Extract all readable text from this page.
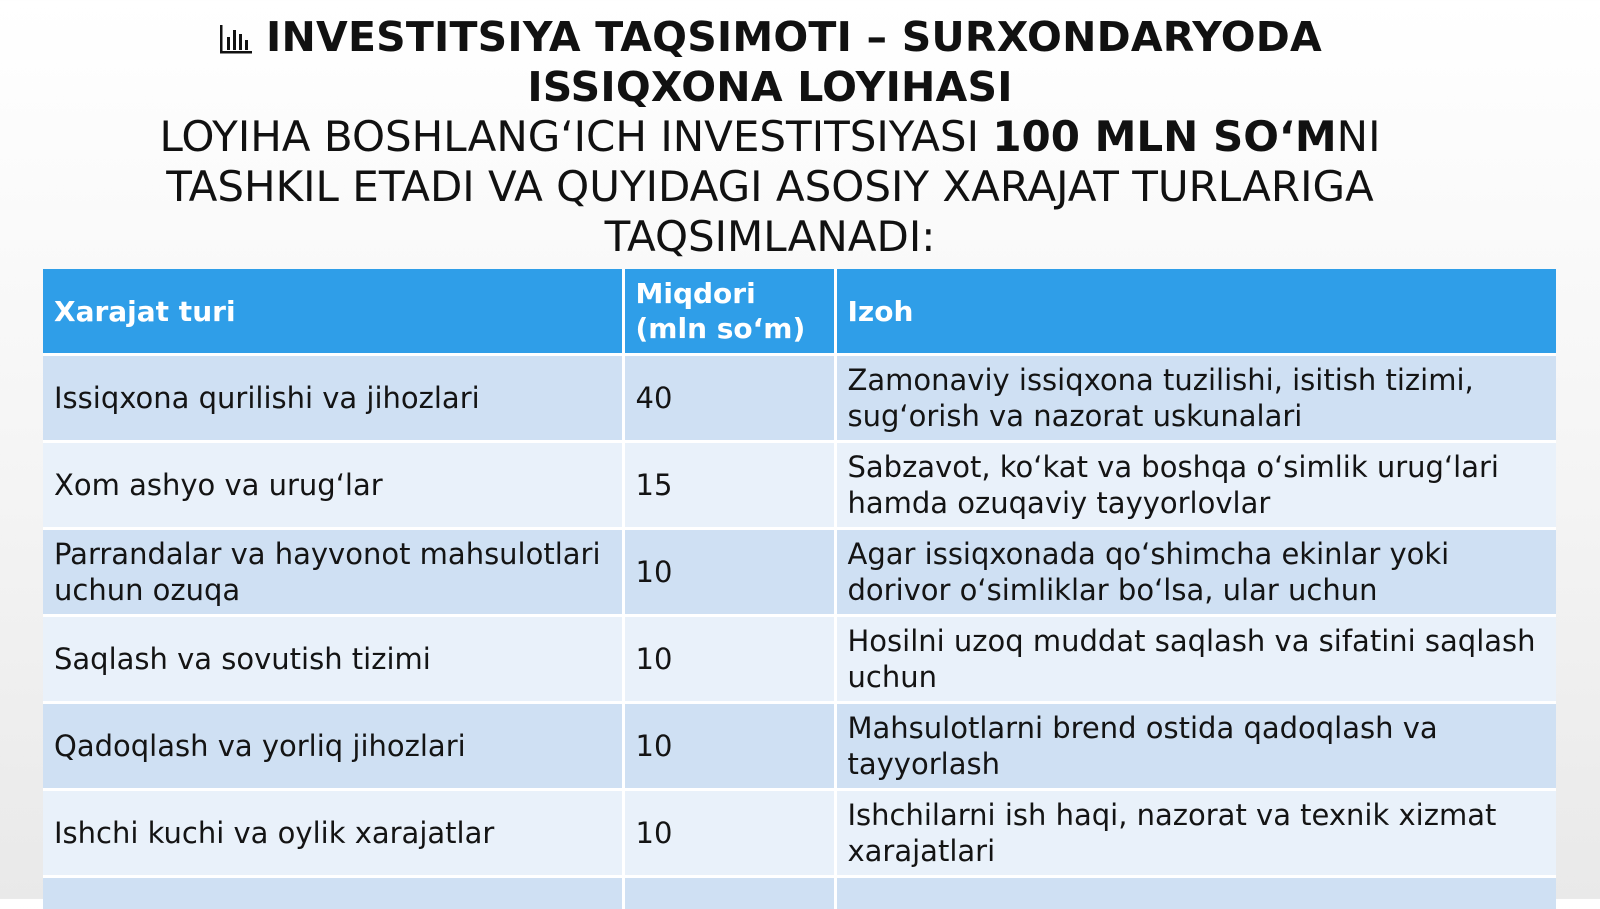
INVESTITSIYA TAQSIMOTI – SURXONDARYODA ISSIQXONA LOYIHASI
LOYIHA BOSHLANG‘ICH INVESTITSIYASI 100 MLN SO‘MNI TASHKIL ETADI VA QUYIDAGI ASOSIY XARAJAT TURLARIGA TAQSIMLANADI:
Xarajat turi	Miqdori (mln so‘m)	Izoh
Issiqxona qurilishi va jihozlari	40	Zamonaviy issiqxona tuzilishi, isitish tizimi, sug‘orish va nazorat uskunalari
Xom ashyo va urug‘lar	15	Sabzavot, ko‘kat va boshqa o‘simlik urug‘lari hamda ozuqaviy tayyorlovlar
Parrandalar va hayvonot mahsulotlari uchun ozuqa	10	Agar issiqxonada qo‘shimcha ekinlar yoki dorivor o‘simliklar bo‘lsa, ular uchun
Saqlash va sovutish tizimi	10	Hosilni uzoq muddat saqlash va sifatini saqlash uchun
Qadoqlash va yorliq jihozlari	10	Mahsulotlarni brend ostida qadoqlash va tayyorlash
Ishchi kuchi va oylik xarajatlar	10	Ishchilarni ish haqi, nazorat va texnik xizmat xarajatlari
